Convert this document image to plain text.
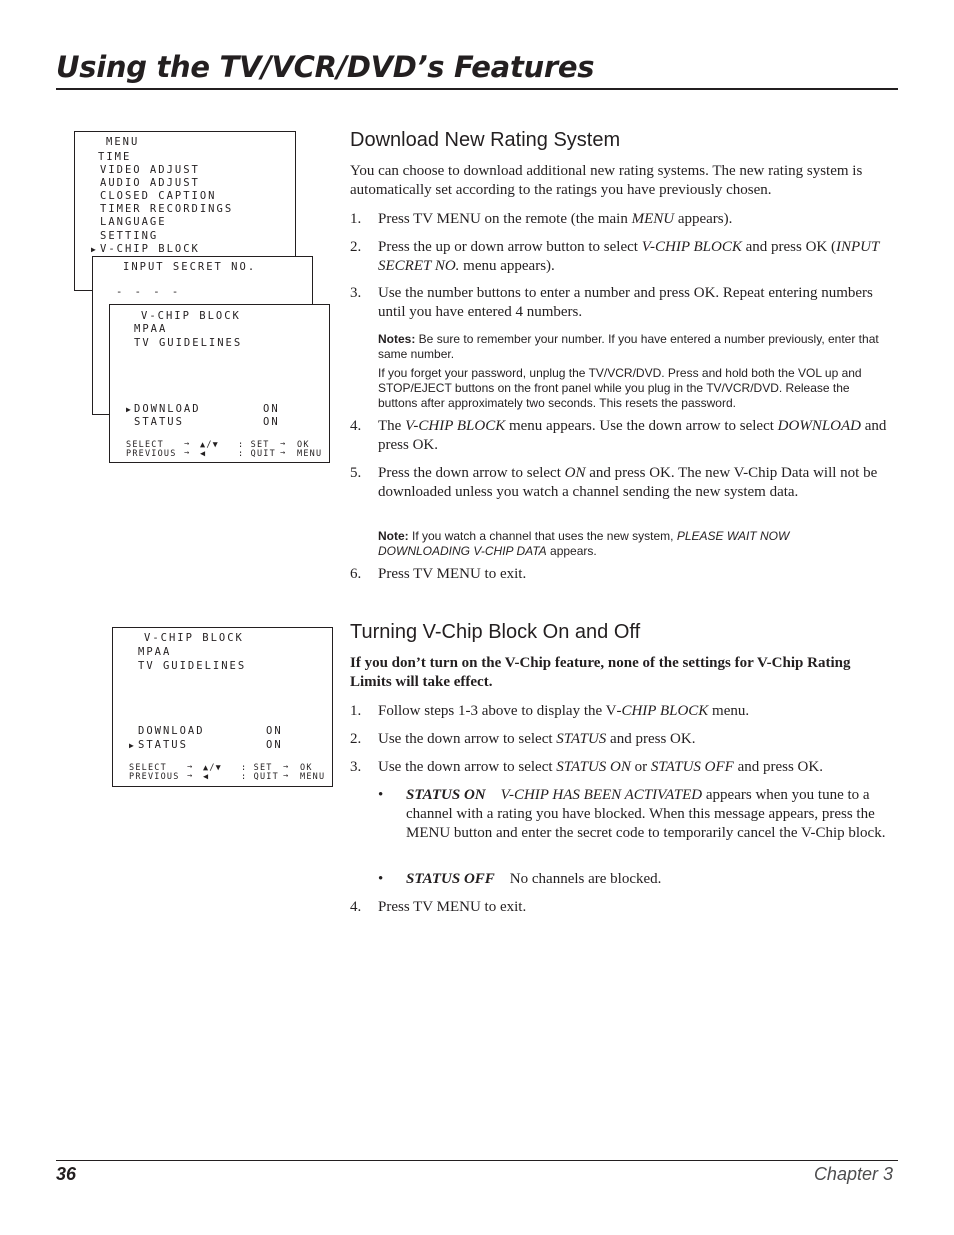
Using the TV/VCR/DVD’s Features
MENU
TIME
VIDEO ADJUST
AUDIO ADJUST
CLOSED CAPTION
TIMER RECORDINGS
LANGUAGE
SETTING
▶ V-CHIP BLOCK
INPUT SECRET NO.
- - - -
V-CHIP BLOCK
MPAA
TV GUIDELINES
▶ DOWNLOAD	ON
STATUS	ON
SELECT → ▲/▼ : SET → OK
PREVIOUS → ◀	: QUIT → MENU
V-CHIP BLOCK
MPAA
TV GUIDELINES
DOWNLOAD	ON
▶ STATUS	ON
SELECT → ▲/▼ : SET → OK
PREVIOUS → ◀	: QUIT → MENU
Download New Rating System
You can choose to download additional new rating systems. The new rating system is automatically set according to the ratings you have previously chosen.
1. Press TV MENU on the remote (the main MENU appears).
2. Press the up or down arrow button to select V-CHIP BLOCK and press OK (INPUT SECRET NO. menu appears).
3. Use the number buttons to enter a number and press OK. Repeat entering numbers until you have entered 4 numbers.
Notes: Be sure to remember your number. If you have entered a number previously, enter that same number.
If you forget your password, unplug the TV/VCR/DVD. Press and hold both the VOL up and STOP/EJECT buttons on the front panel while you plug in the TV/VCR/DVD. Release the buttons after approximately two seconds. This resets the password.
4. The V-CHIP BLOCK menu appears. Use the down arrow to select DOWNLOAD and press OK.
5. Press the down arrow to select ON and press OK. The new V-Chip Data will not be downloaded unless you watch a channel sending the new system data.
Note: If you watch a channel that uses the new system, PLEASE WAIT NOW DOWNLOADING V-CHIP DATA appears.
6. Press TV MENU to exit.
Turning V-Chip Block On and Off
If you don’t turn on the V-Chip feature, none of the settings for V-Chip Rating Limits will take effect.
1. Follow steps 1-3 above to display the V-CHIP BLOCK menu.
2. Use the down arrow to select STATUS and press OK.
3. Use the down arrow to select STATUS ON or STATUS OFF and press OK.
• STATUS ON V-CHIP HAS BEEN ACTIVATED appears when you tune to a channel with a rating you have blocked. When this message appears, press the MENU button and enter the secret code to temporarily cancel the V-Chip block.
• STATUS OFF No channels are blocked.
4. Press TV MENU to exit.
36	Chapter 3
